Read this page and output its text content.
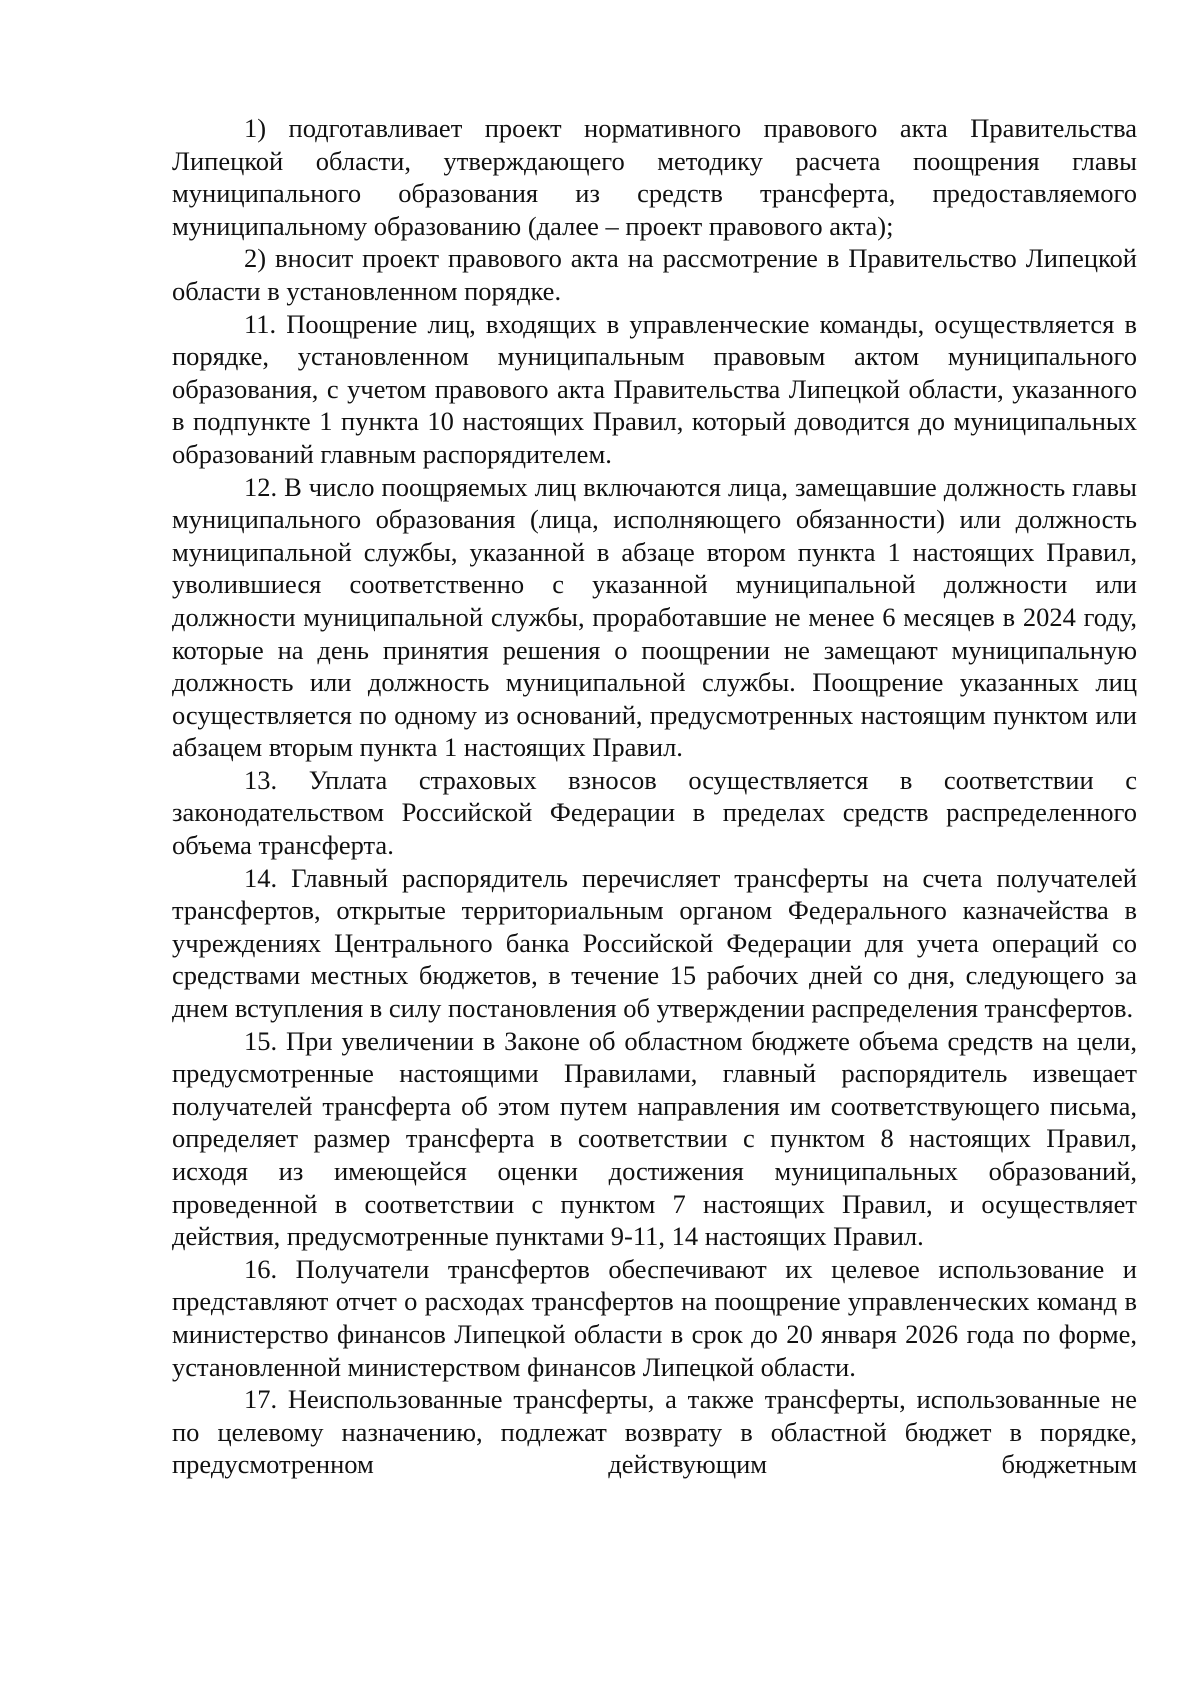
1) подготавливает проект нормативного правового акта Правительства Липецкой области, утверждающего методику расчета поощрения главы муниципального образования из средств трансферта, предоставляемого муниципальному образованию (далее – проект правового акта);

2) вносит проект правового акта на рассмотрение в Правительство Липецкой области в установленном порядке.

11. Поощрение лиц, входящих в управленческие команды, осуществляется в порядке, установленном муниципальным правовым актом муниципального образования, с учетом правового акта Правительства Липецкой области, указанного в подпункте 1 пункта 10 настоящих Правил, который доводится до муниципальных образований главным распорядителем.

12. В число поощряемых лиц включаются лица, замещавшие должность главы муниципального образования (лица, исполняющего обязанности) или должность муниципальной службы, указанной в абзаце втором пункта 1 настоящих Правил, уволившиеся соответственно с указанной муниципальной должности или должности муниципальной службы, проработавшие не менее 6 месяцев в 2024 году, которые на день принятия решения о поощрении не замещают муниципальную должность или должность муниципальной службы. Поощрение указанных лиц осуществляется по одному из оснований, предусмотренных настоящим пунктом или абзацем вторым пункта 1 настоящих Правил.

13. Уплата страховых взносов осуществляется в соответствии с законодательством Российской Федерации в пределах средств распределенного объема трансферта.

14. Главный распорядитель перечисляет трансферты на счета получателей трансфертов, открытые территориальным органом Федерального казначейства в учреждениях Центрального банка Российской Федерации для учета операций со средствами местных бюджетов, в течение 15 рабочих дней со дня, следующего за днем вступления в силу постановления об утверждении распределения трансфертов.

15. При увеличении в Законе об областном бюджете объема средств на цели, предусмотренные настоящими Правилами, главный распорядитель извещает получателей трансферта об этом путем направления им соответствующего письма, определяет размер трансферта в соответствии с пунктом 8 настоящих Правил, исходя из имеющейся оценки достижения муниципальных образований, проведенной в соответствии с пунктом 7 настоящих Правил, и осуществляет действия, предусмотренные пунктами 9-11, 14 настоящих Правил.

16. Получатели трансфертов обеспечивают их целевое использование и представляют отчет о расходах трансфертов на поощрение управленческих команд в министерство финансов Липецкой области в срок до 20 января 2026 года по форме, установленной министерством финансов Липецкой области.

17. Неиспользованные трансферты, а также трансферты, использованные не по целевому назначению, подлежат возврату в областной бюджет в порядке, предусмотренном действующим бюджетным
